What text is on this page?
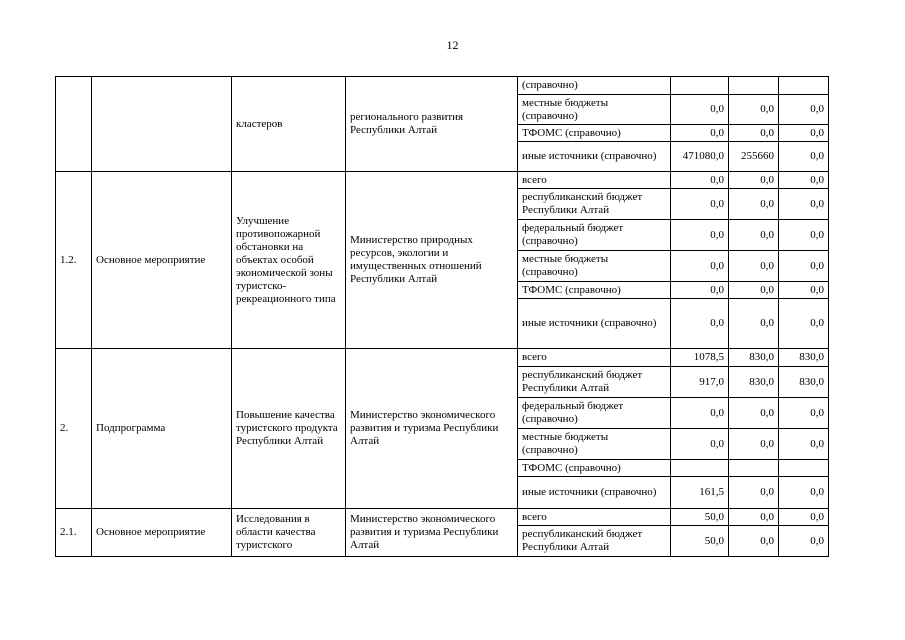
12
		кластеров	регионального развития Республики Алтай	(справочно)			
				местные бюджеты (справочно)	0,0	0,0	0,0
				ТФОМС (справочно)	0,0	0,0	0,0
				иные источники (справочно)	471080,0	255660	0,0
1.2.	Основное мероприятие	Улучшение противопожарной обстановки на объектах особой экономической зоны туристско-рекреационного типа	Министерство природных ресурсов, экологии и имущественных отношений Республики Алтай	всего	0,0	0,0	0,0
				республиканский бюджет Республики Алтай	0,0	0,0	0,0
				федеральный бюджет (справочно)	0,0	0,0	0,0
				местные бюджеты (справочно)	0,0	0,0	0,0
				ТФОМС (справочно)	0,0	0,0	0,0
				иные источники (справочно)	0,0	0,0	0,0
2.	Подпрограмма	Повышение качества туристского продукта Республики Алтай	Министерство экономического развития и туризма Республики Алтай	всего	1078,5	830,0	830,0
				республиканский бюджет Республики Алтай	917,0	830,0	830,0
				федеральный бюджет (справочно)	0,0	0,0	0,0
				местные бюджеты (справочно)	0,0	0,0	0,0
				ТФОМС (справочно)			
				иные источники (справочно)	161,5	0,0	0,0
2.1.	Основное мероприятие	Исследования в области качества туристского	Министерство экономического развития и туризма Республики Алтай	всего	50,0	0,0	0,0
				республиканский бюджет Республики Алтай	50,0	0,0	0,0
